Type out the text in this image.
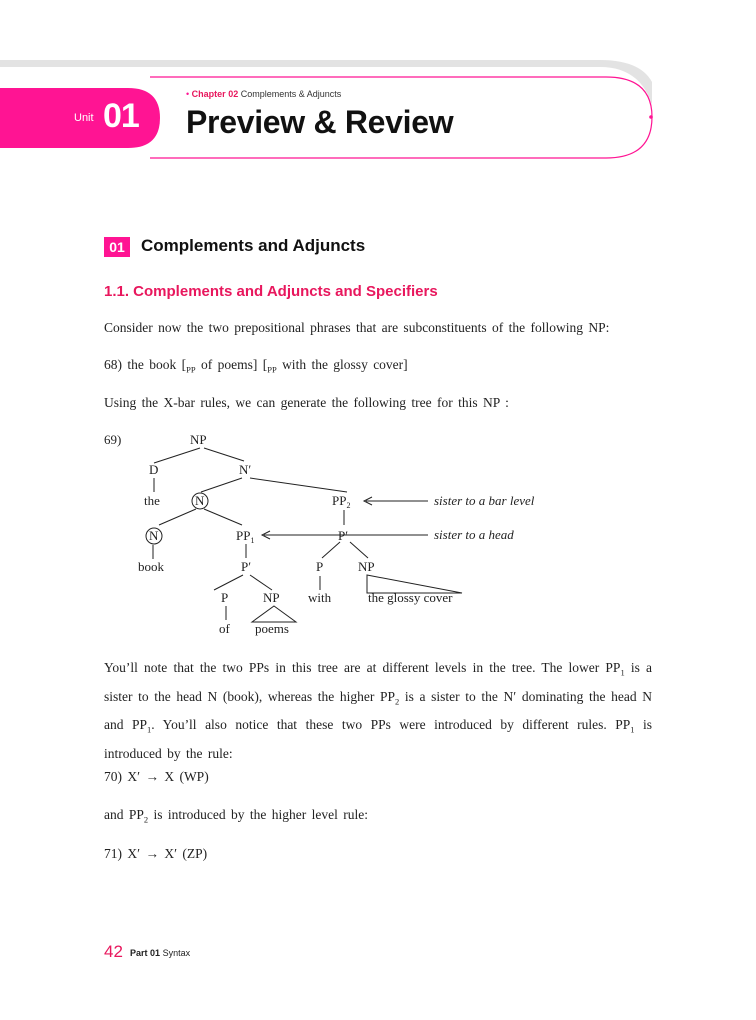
Unit 01
• Chapter 02 Complements & Adjuncts
Preview & Review
01 Complements and Adjuncts
1.1. Complements and Adjuncts and Specifiers

Consider now the two prepositional phrases that are subconstituents of the following NP:

68) the book [$_{PP}$ of poems] [$_{PP}$ with the glossy cover]

Using the X-bar rules, we can generate the following tree for this NP :

69)	NP
D	N′
the	N	$PP_2$
N	$PP_1$	P′
book	P′	P	NP
P	NP with	the glossy cover
of poems
sister to a bar level
sister to a head

You’ll note that the two PPs in this tree are at different levels in the tree. The lower $PP_1$ is a sister to the head N (book), whereas the higher $PP_2$ is a sister to the N′ dominating the head N and $PP_1$. You’ll also notice that these two PPs were introduced by different rules. $PP_1$ is introduced by the rule:

70) X′ → X (WP)

and $PP_2$ is introduced by the higher level rule:

71) X′ → X′ (ZP)

42 Part 01 Syntax
